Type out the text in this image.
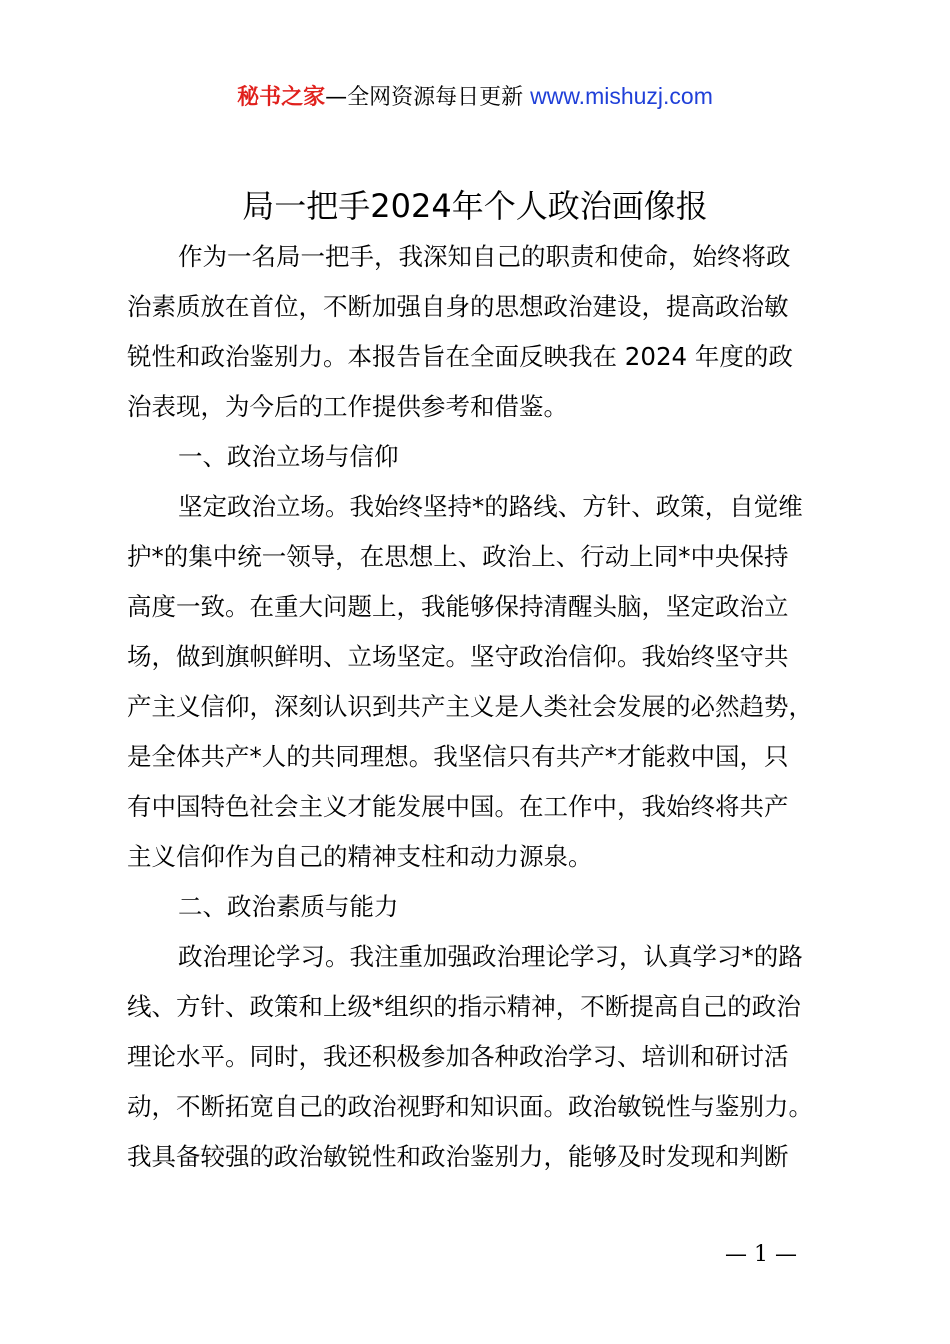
秘书之家—全网资源每日更新 www.mishuzj.com
局一把手2024年个人政治画像报
作为一名局一把手，我深知自己的职责和使命，始终将政
治素质放在首位，不断加强自身的思想政治建设，提高政治敏
锐性和政治鉴别力。本报告旨在全面反映我在 2024 年度的政
治表现，为今后的工作提供参考和借鉴。
一、政治立场与信仰
坚定政治立场。我始终坚持*的路线、方针、政策，自觉维
护*的集中统一领导，在思想上、政治上、行动上同*中央保持
高度一致。在重大问题上，我能够保持清醒头脑，坚定政治立
场，做到旗帜鲜明、立场坚定。坚守政治信仰。我始终坚守共
产主义信仰，深刻认识到共产主义是人类社会发展的必然趋势，
是全体共产*人的共同理想。我坚信只有共产*才能救中国，只
有中国特色社会主义才能发展中国。在工作中，我始终将共产
主义信仰作为自己的精神支柱和动力源泉。
二、政治素质与能力
政治理论学习。我注重加强政治理论学习，认真学习*的路
线、方针、政策和上级*组织的指示精神，不断提高自己的政治
理论水平。同时，我还积极参加各种政治学习、培训和研讨活
动，不断拓宽自己的政治视野和知识面。政治敏锐性与鉴别力。
我具备较强的政治敏锐性和政治鉴别力，能够及时发现和判断
— 1 —
